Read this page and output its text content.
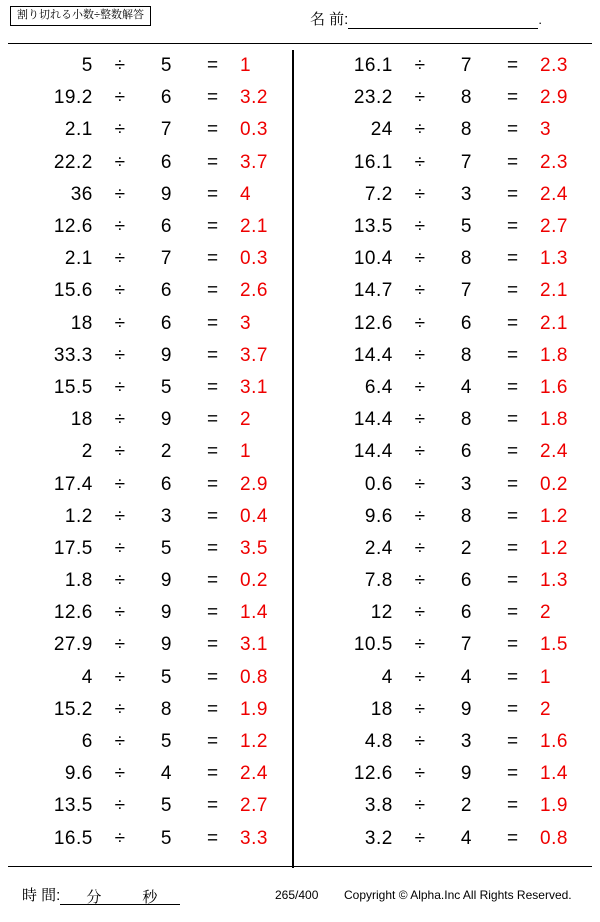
割り切れる小数÷整数解答	名 前:	.
5	÷	5	=	1
19.2	÷	6	=	3.2
2.1	÷	7	=	0.3
22.2	÷	6	=	3.7
36	÷	9	=	4
12.6	÷	6	=	2.1
2.1	÷	7	=	0.3
15.6	÷	6	=	2.6
18	÷	6	=	3
33.3	÷	9	=	3.7
15.5	÷	5	=	3.1
18	÷	9	=	2
2	÷	2	=	1
17.4	÷	6	=	2.9
1.2	÷	3	=	0.4
17.5	÷	5	=	3.5
1.8	÷	9	=	0.2
12.6	÷	9	=	1.4
27.9	÷	9	=	3.1
4	÷	5	=	0.8
15.2	÷	8	=	1.9
6	÷	5	=	1.2
9.6	÷	4	=	2.4
13.5	÷	5	=	2.7
16.5	÷	5	=	3.3
16.1	÷	7	=	2.3
23.2	÷	8	=	2.9
24	÷	8	=	3
16.1	÷	7	=	2.3
7.2	÷	3	=	2.4
13.5	÷	5	=	2.7
10.4	÷	8	=	1.3
14.7	÷	7	=	2.1
12.6	÷	6	=	2.1
14.4	÷	8	=	1.8
6.4	÷	4	=	1.6
14.4	÷	8	=	1.8
14.4	÷	6	=	2.4
0.6	÷	3	=	0.2
9.6	÷	8	=	1.2
2.4	÷	2	=	1.2
7.8	÷	6	=	1.3
12	÷	6	=	2
10.5	÷	7	=	1.5
4	÷	4	=	1
18	÷	9	=	2
4.8	÷	3	=	1.6
12.6	÷	9	=	1.4
3.8	÷	2	=	1.9
3.2	÷	4	=	0.8
時 間: 分	秒	265/400 Copyright © Alpha.Inc All Rights Reserved.
